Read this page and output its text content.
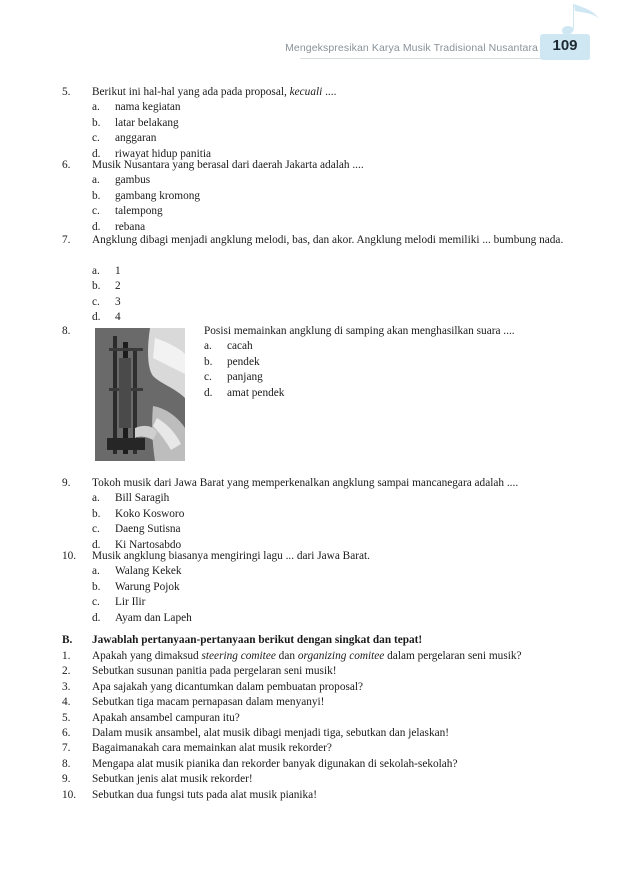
Mengekspresikan Karya Musik Tradisional Nusantara 109
5.	Berikut ini hal-hal yang ada pada proposal, kecuali ....
a.	nama kegiatan
b.	latar belakang
c.	anggaran
d.	riwayat hidup panitia
6.	Musik Nusantara yang berasal dari daerah Jakarta adalah ....
a.	gambus
b.	gambang kromong
c.	talempong
d.	rebana
7.	Angklung dibagi menjadi angklung melodi, bas, dan akor. Angklung melodi memiliki ... bumbung nada.
a.	1
b.	2
c.	3
d.	4
8.	Posisi memainkan angklung di samping akan menghasilkan suara ....
a.	cacah
b.	pendek
c.	panjang
d.	amat pendek
9.	Tokoh musik dari Jawa Barat yang memperkenalkan angklung sampai mancanegara adalah ....
a.	Bill Saragih
b.	Koko Kosworo
c.	Daeng Sutisna
d.	Ki Nartosabdo
10.	Musik angklung biasanya mengiringi lagu ... dari Jawa Barat.
a.	Walang Kekek
b.	Warung Pojok
c.	Lir Ilir
d.	Ayam dan Lapeh
B. Jawablah pertanyaan-pertanyaan berikut dengan singkat dan tepat!
1.	Apakah yang dimaksud steering comitee dan organizing comitee dalam pergelaran seni musik?
2.	Sebutkan susunan panitia pada pergelaran seni musik!
3.	Apa sajakah yang dicantumkan dalam pembuatan proposal?
4.	Sebutkan tiga macam pernapasan dalam menyanyi!
5.	Apakah ansambel campuran itu?
6.	Dalam musik ansambel, alat musik dibagi menjadi tiga, sebutkan dan jelaskan!
7.	Bagaimanakah cara memainkan alat musik rekorder?
8.	Mengapa alat musik pianika dan rekorder banyak digunakan di sekolah-sekolah?
9.	Sebutkan jenis alat musik rekorder!
10.	Sebutkan dua fungsi tuts pada alat musik pianika!
